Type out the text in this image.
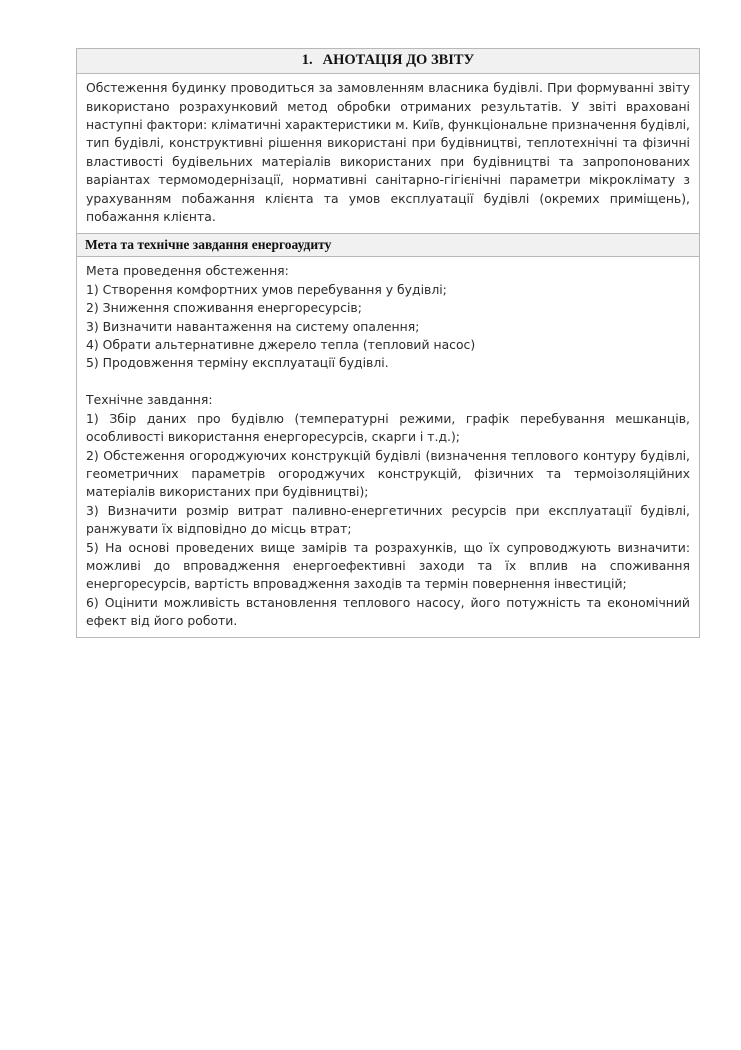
1. АНОТАЦІЯ ДО ЗВІТУ

Обстеження будинку проводиться за замовленням власника будівлі. При формуванні звіту використано розрахунковий метод обробки отриманих результатів. У звіті враховані наступні фактори: кліматичні характеристики м. Київ, функціональне призначення будівлі, тип будівлі, конструктивні рішення використані при будівництві, теплотехнічні та фізичні властивості будівельних матеріалів використаних при будівництві та запропонованих варіантах термомодернізації, нормативні санітарно-гігієнічні параметри мікроклімату з урахуванням побажання клієнта та умов експлуатації будівлі (окремих приміщень), побажання клієнта.

Мета та технічне завдання енергоаудиту

Мета проведення обстеження:
1) Створення комфортних умов перебування у будівлі;
2) Зниження споживання енергоресурсів;
3) Визначити навантаження на систему опалення;
4) Обрати альтернативне джерело тепла (тепловий насос)
5) Продовження терміну експлуатації будівлі.
Технічне завдання:
1) Збір даних про будівлю (температурні режими, графік перебування мешканців, особливості використання енергоресурсів, скарги і т.д.);
2) Обстеження огороджуючих конструкцій будівлі (визначення теплового контуру будівлі, геометричних параметрів огороджучих конструкцій, фізичних та термоізоляційних матеріалів використаних при будівництві);
3) Визначити розмір витрат паливно-енергетичних ресурсів при експлуатації будівлі, ранжувати їх відповідно до місць втрат;
5) На основі проведених вище замірів та розрахунків, що їх супроводжують визначити: можливі до впровадження енергоефективні заходи та їх вплив на споживання енергоресурсів, вартість впровадження заходів та термін повернення інвестицій;
6) Оцінити можливість встановлення теплового насосу, його потужність та економічний ефект від його роботи.
